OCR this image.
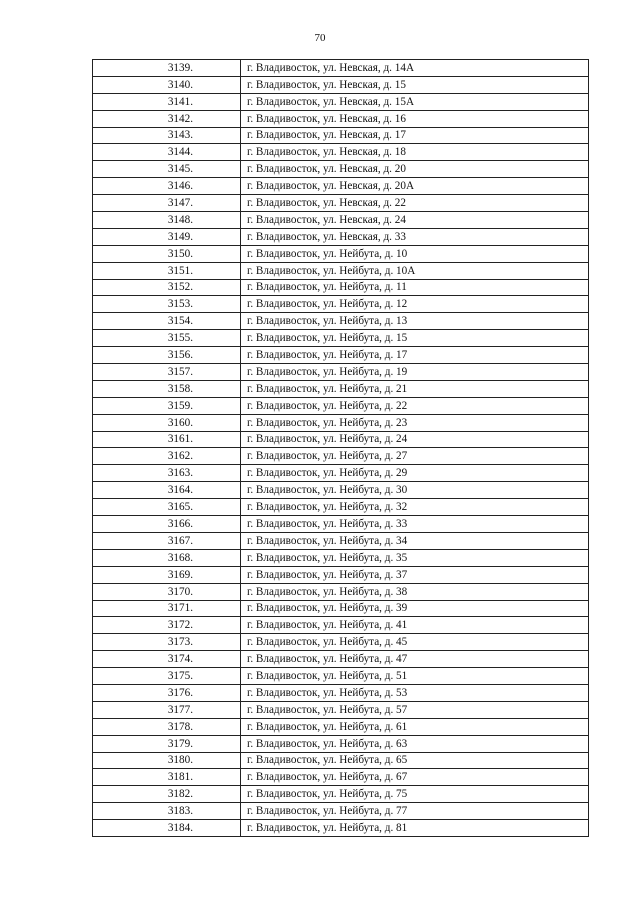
70
3139.	г. Владивосток, ул. Невская, д. 14А
3140.	г. Владивосток, ул. Невская, д. 15
3141.	г. Владивосток, ул. Невская, д. 15А
3142.	г. Владивосток, ул. Невская, д. 16
3143.	г. Владивосток, ул. Невская, д. 17
3144.	г. Владивосток, ул. Невская, д. 18
3145.	г. Владивосток, ул. Невская, д. 20
3146.	г. Владивосток, ул. Невская, д. 20А
3147.	г. Владивосток, ул. Невская, д. 22
3148.	г. Владивосток, ул. Невская, д. 24
3149.	г. Владивосток, ул. Невская, д. 33
3150.	г. Владивосток, ул. Нейбута, д. 10
3151.	г. Владивосток, ул. Нейбута, д. 10А
3152.	г. Владивосток, ул. Нейбута, д. 11
3153.	г. Владивосток, ул. Нейбута, д. 12
3154.	г. Владивосток, ул. Нейбута, д. 13
3155.	г. Владивосток, ул. Нейбута, д. 15
3156.	г. Владивосток, ул. Нейбута, д. 17
3157.	г. Владивосток, ул. Нейбута, д. 19
3158.	г. Владивосток, ул. Нейбута, д. 21
3159.	г. Владивосток, ул. Нейбута, д. 22
3160.	г. Владивосток, ул. Нейбута, д. 23
3161.	г. Владивосток, ул. Нейбута, д. 24
3162.	г. Владивосток, ул. Нейбута, д. 27
3163.	г. Владивосток, ул. Нейбута, д. 29
3164.	г. Владивосток, ул. Нейбута, д. 30
3165.	г. Владивосток, ул. Нейбута, д. 32
3166.	г. Владивосток, ул. Нейбута, д. 33
3167.	г. Владивосток, ул. Нейбута, д. 34
3168.	г. Владивосток, ул. Нейбута, д. 35
3169.	г. Владивосток, ул. Нейбута, д. 37
3170.	г. Владивосток, ул. Нейбута, д. 38
3171.	г. Владивосток, ул. Нейбута, д. 39
3172.	г. Владивосток, ул. Нейбута, д. 41
3173.	г. Владивосток, ул. Нейбута, д. 45
3174.	г. Владивосток, ул. Нейбута, д. 47
3175.	г. Владивосток, ул. Нейбута, д. 51
3176.	г. Владивосток, ул. Нейбута, д. 53
3177.	г. Владивосток, ул. Нейбута, д. 57
3178.	г. Владивосток, ул. Нейбута, д. 61
3179.	г. Владивосток, ул. Нейбута, д. 63
3180.	г. Владивосток, ул. Нейбута, д. 65
3181.	г. Владивосток, ул. Нейбута, д. 67
3182.	г. Владивосток, ул. Нейбута, д. 75
3183.	г. Владивосток, ул. Нейбута, д. 77
3184.	г. Владивосток, ул. Нейбута, д. 81
